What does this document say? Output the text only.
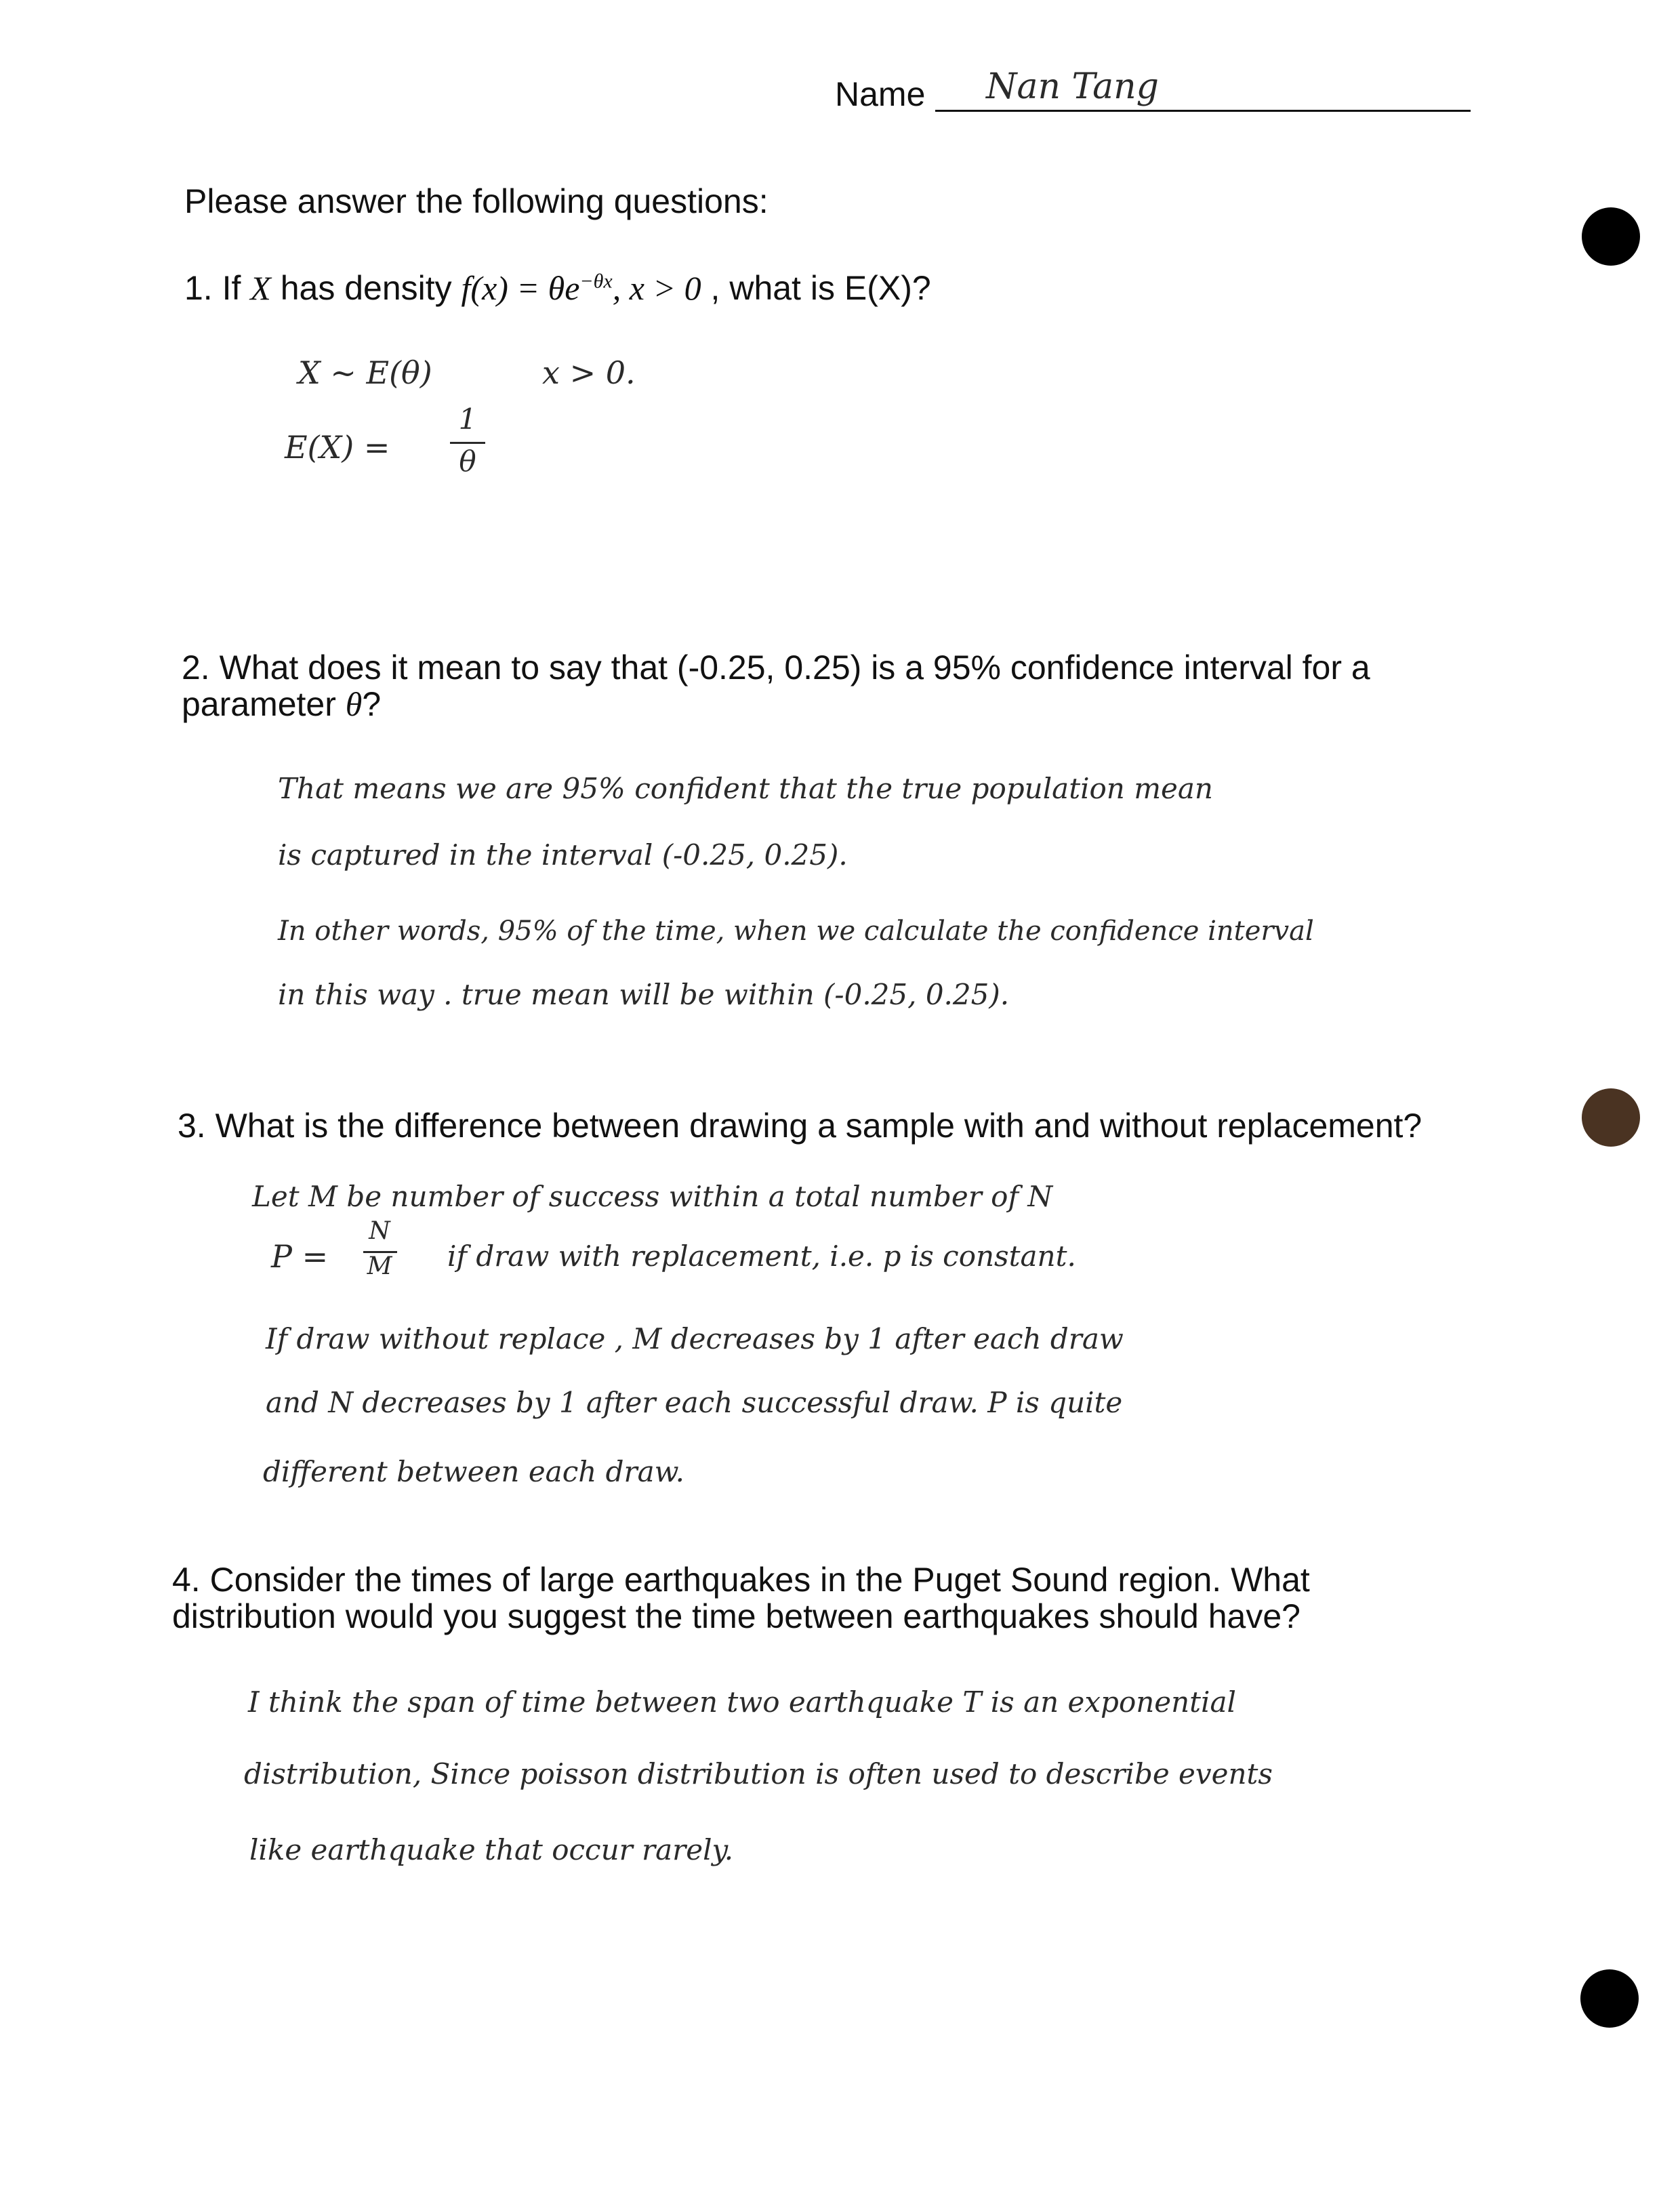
Name Nan Tang
Please answer the following questions:
1. If X has density $f(x) = \theta e^{-\theta x}$, x > 0 , what is E(X)?
X ~ E(θ)	x > 0.
E(X) =
1
θ
2. What does it mean to say that (-0.25, 0.25) is a 95% confidence interval for a
parameter θ?
That means we are 95% confident that the true population mean
is captured in the interval (-0.25, 0.25).
In other words, 95% of the time, when we calculate the confidence interval
in this way . true mean will be within (-0.25, 0.25).
3. What is the difference between drawing a sample with and without replacement?
Let M be number of success within a total number of N
P =
N
M if draw with replacement, i.e. p is constant.
If draw without replace , M decreases by 1 after each draw
and N decreases by 1 after each successful draw. P is quite
different between each draw.
4. Consider the times of large earthquakes in the Puget Sound region. What
distribution would you suggest the time between earthquakes should have?
I think the span of time between two earthquake T is an exponential
distribution, Since poisson distribution is often used to describe events
like earthquake that occur rarely.
